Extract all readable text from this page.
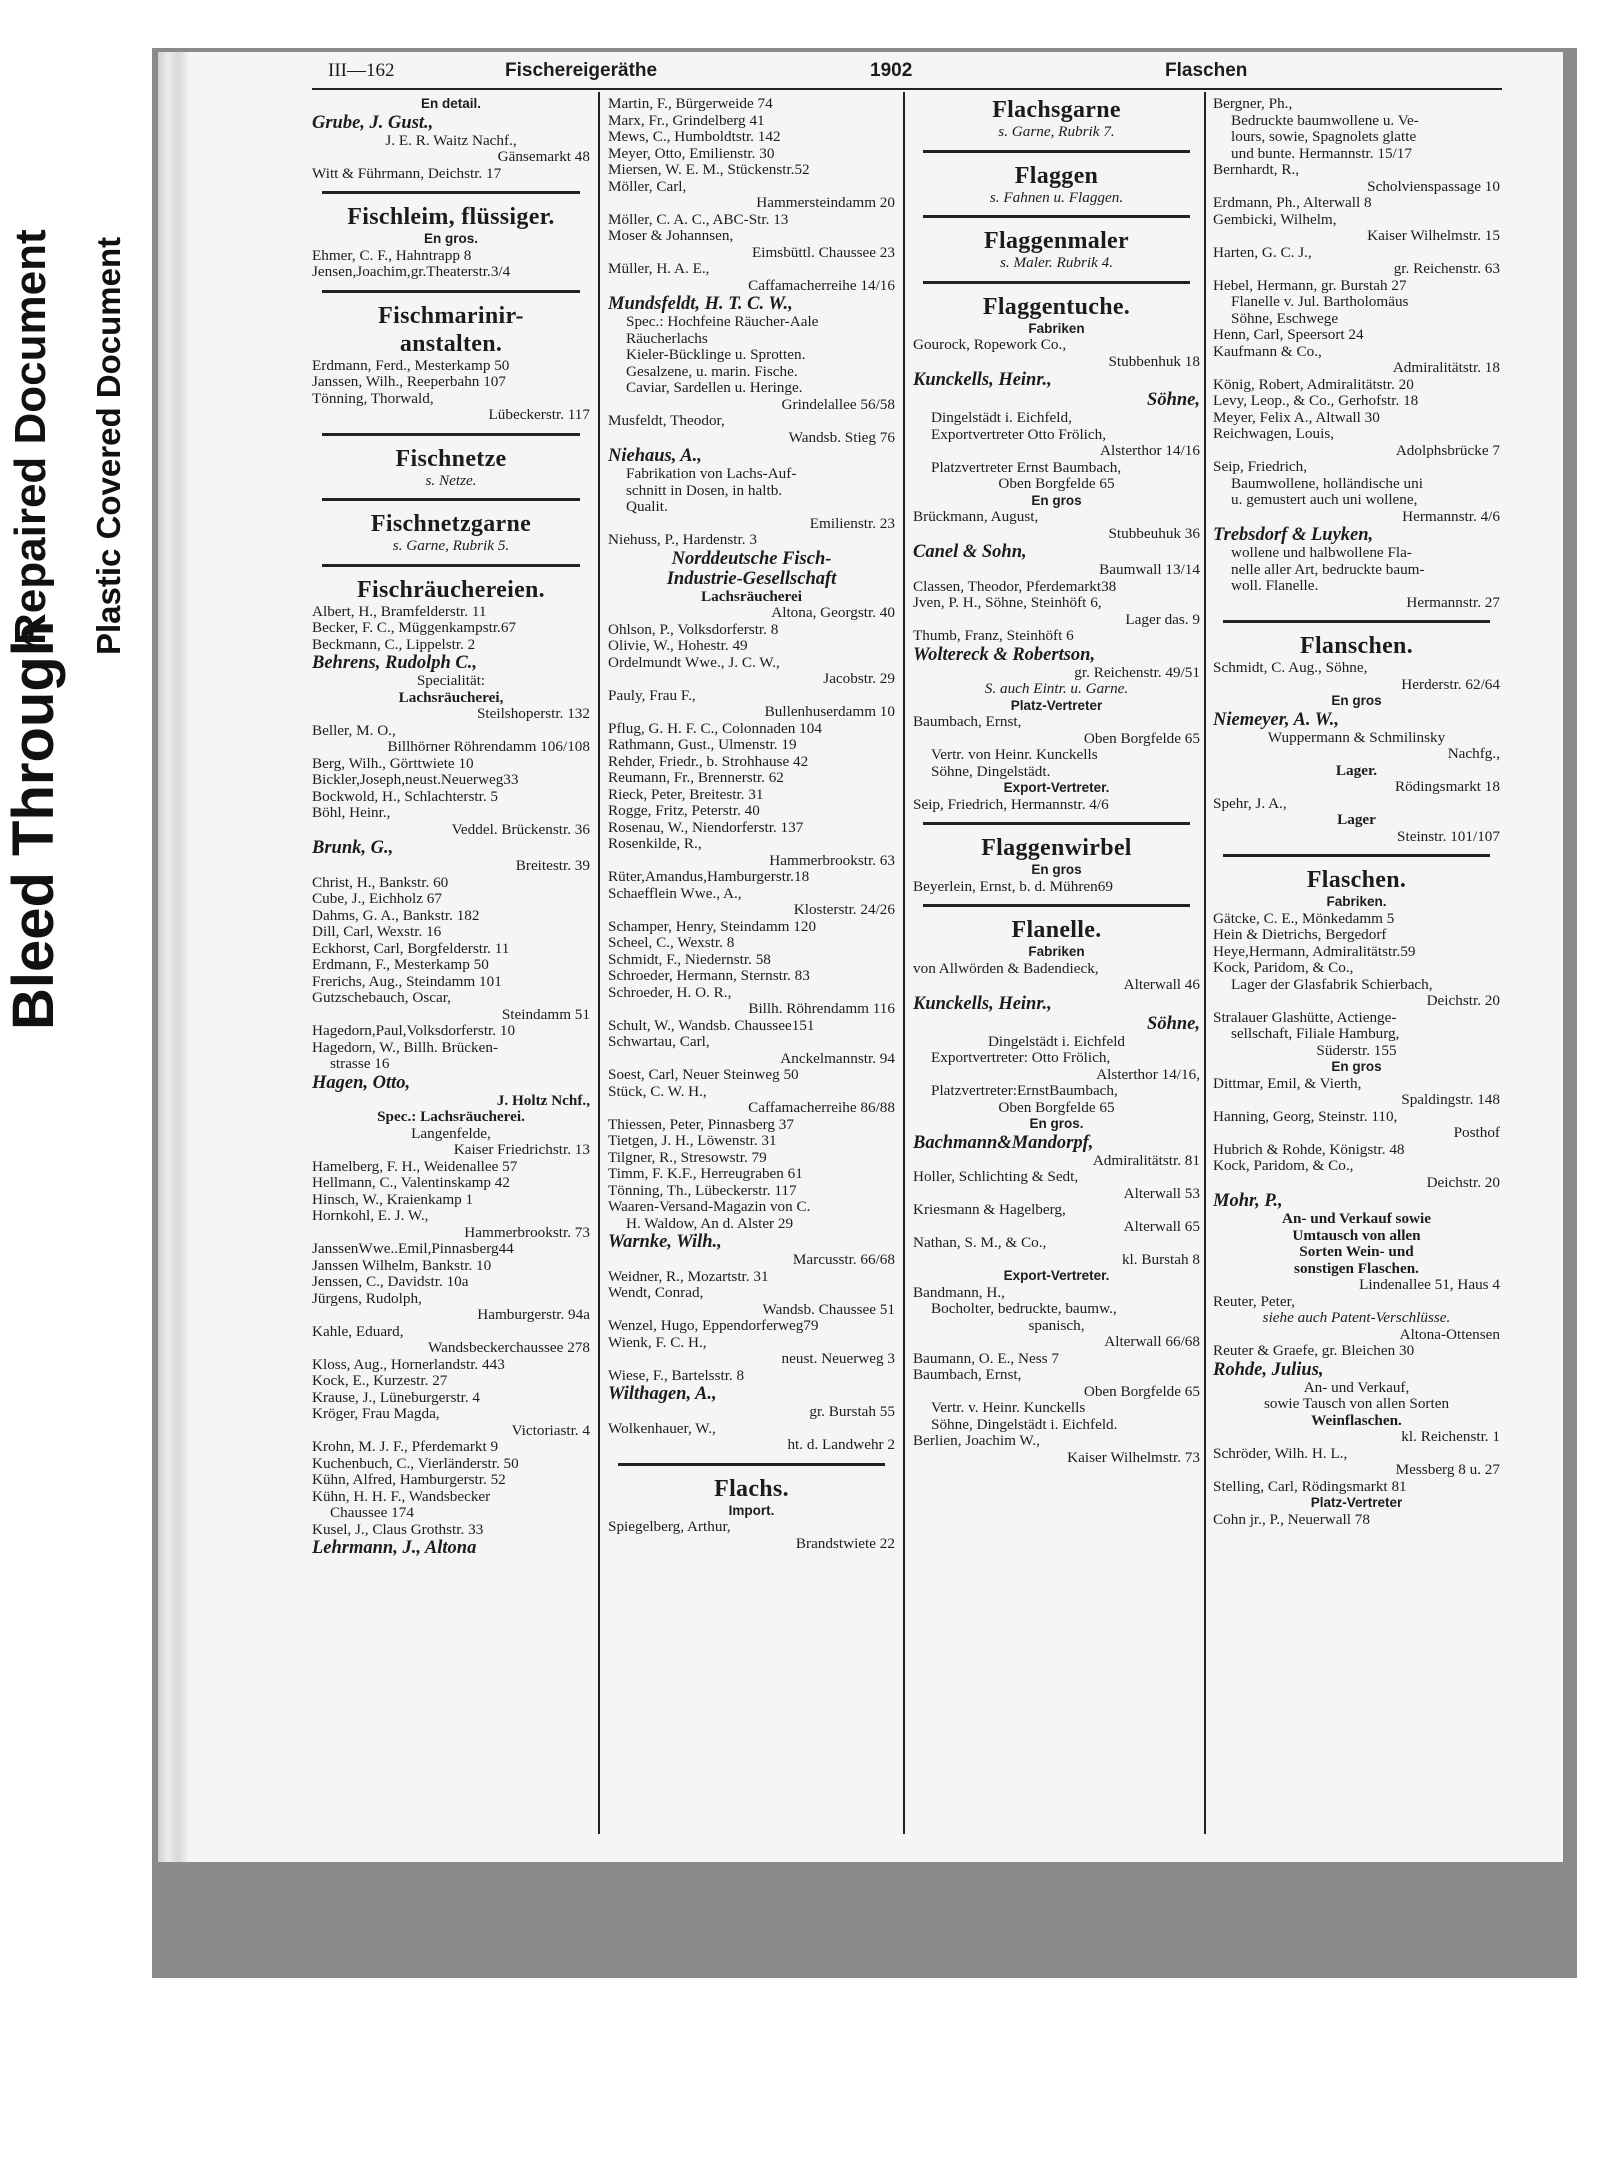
Bleed Through
Repaired Document Plastic Covered Document
III—162	Fischereigeräthe	1902	Flaschen
En detail.
Grube, J. Gust.,
J. E. R. Waitz Nachf.,
Gänsemarkt 48
Witt & Führmann, Deichstr. 17
Fischleim, flüssiger.
En gros.
Ehmer, C. F., Hahntrapp 8
Jensen,Joachim,gr.Theaterstr.3/4
Fischmarinir-
anstalten.
Erdmann, Ferd., Mesterkamp 50
Janssen, Wilh., Reeperbahn 107
Tönning, Thorwald,
Lübeckerstr. 117
Fischnetze
s. Netze.
Fischnetzgarne
s. Garne, Rubrik 5.
Fischräuchereien.
Albert, H., Bramfelderstr. 11
Becker, F. C., Müggenkampstr.67
Beckmann, C., Lippelstr. 2
Behrens, Rudolph C.,
Specialität:
Lachsräucherei,
Steilshoperstr. 132
Beller, M. O.,
Billhörner Röhrendamm 106/108
Berg, Wilh., Görttwiete 10
Bickler,Joseph,neust.Neuerweg33
Bockwold, H., Schlachterstr. 5
Böhl, Heinr.,
Veddel. Brückenstr. 36
Brunk, G.,
Breitestr. 39
Christ, H., Bankstr. 60
Cube, J., Eichholz 67
Dahms, G. A., Bankstr. 182
Dill, Carl, Wexstr. 16
Eckhorst, Carl, Borgfelderstr. 11
Erdmann, F., Mesterkamp 50
Frerichs, Aug., Steindamm 101
Gutzschebauch, Oscar,
Steindamm 51
Hagedorn,Paul,Volksdorferstr. 10
Hagedorn, W., Billh. Brücken-
strasse 16
Hagen, Otto,
J. Holtz Nchf.,
Spec.: Lachsräucherei.
Langenfelde,
Kaiser Friedrichstr. 13
Hamelberg, F. H., Weidenallee 57
Hellmann, C., Valentinskamp 42
Hinsch, W., Kraienkamp 1
Hornkohl, E. J. W.,
Hammerbrookstr. 73
JanssenWwe..Emil,Pinnasberg44
Janssen Wilhelm, Bankstr. 10
Jenssen, C., Davidstr. 10a
Jürgens, Rudolph,
Hamburgerstr. 94a
Kahle, Eduard,
Wandsbeckerchaussee 278
Kloss, Aug., Hornerlandstr. 443
Kock, E., Kurzestr. 27
Krause, J., Lüneburgerstr. 4
Kröger, Frau Magda,
Victoriastr. 4
Krohn, M. J. F., Pferdemarkt 9
Kuchenbuch, C., Vierländerstr. 50
Kühn, Alfred, Hamburgerstr. 52
Kühn, H. H. F., Wandsbecker
Chaussee 174
Kusel, J., Claus Grothstr. 33
Lehrmann, J., Altona
Martin, F., Bürgerweide 74
Marx, Fr., Grindelberg 41
Mews, C., Humboldtstr. 142
Meyer, Otto, Emilienstr. 30
Miersen, W. E. M., Stückenstr.52
Möller, Carl,
Hammersteindamm 20
Möller, C. A. C., ABC-Str. 13
Moser & Johannsen,
Eimsbüttl. Chaussee 23
Müller, H. A. E.,
Caffamacherreihe 14/16
Mundsfeldt, H. T. C. W.,
Spec.: Hochfeine Räucher-Aale
Räucherlachs
Kieler-Bücklinge u. Sprotten.
Gesalzene, u. marin. Fische.
Caviar, Sardellen u. Heringe.
Grindelallee 56/58
Musfeldt, Theodor,
Wandsb. Stieg 76
Niehaus, A.,
Fabrikation von Lachs-Auf-
schnitt in Dosen, in haltb.
Qualit.
Emilienstr. 23
Niehuss, P., Hardenstr. 3
Norddeutsche Fisch-
Industrie-Gesellschaft
Lachsräucherei
Altona, Georgstr. 40
Ohlson, P., Volksdorferstr. 8
Olivie, W., Hohestr. 49
Ordelmundt Wwe., J. C. W.,
Jacobstr. 29
Pauly, Frau F.,
Bullenhuserdamm 10
Pflug, G. H. F. C., Colonnaden 104
Rathmann, Gust., Ulmenstr. 19
Rehder, Friedr., b. Strohhause 42
Reumann, Fr., Brennerstr. 62
Rieck, Peter, Breitestr. 31
Rogge, Fritz, Peterstr. 40
Rosenau, W., Niendorferstr. 137
Rosenkilde, R.,
Hammerbrookstr. 63
Rüter,Amandus,Hamburgerstr.18
Schaefflein Wwe., A.,
Klosterstr. 24/26
Schamper, Henry, Steindamm 120
Scheel, C., Wexstr. 8
Schmidt, F., Niedernstr. 58
Schroeder, Hermann, Sternstr. 83
Schroeder, H. O. R.,
Billh. Röhrendamm 116
Schult, W., Wandsb. Chaussee151
Schwartau, Carl,
Anckelmannstr. 94
Soest, Carl, Neuer Steinweg 50
Stück, C. W. H.,
Caffamacherreihe 86/88
Thiessen, Peter, Pinnasberg 37
Tietgen, J. H., Löwenstr. 31
Tilgner, R., Stresowstr. 79
Timm, F. K.F., Herreugraben 61
Tönning, Th., Lübeckerstr. 117
Waaren-Versand-Magazin von C.
H. Waldow, An d. Alster 29
Warnke, Wilh.,
Marcusstr. 66/68
Weidner, R., Mozartstr. 31
Wendt, Conrad,
Wandsb. Chaussee 51
Wenzel, Hugo, Eppendorferweg79
Wienk, F. C. H.,
neust. Neuerweg 3
Wiese, F., Bartelsstr. 8
Wilthagen, A.,
gr. Burstah 55
Wolkenhauer, W.,
ht. d. Landwehr 2
Flachs.
Import.
Spiegelberg, Arthur,
Brandstwiete 22
Flachsgarne
s. Garne, Rubrik 7.
Flaggen
s. Fahnen u. Flaggen.
Flaggenmaler
s. Maler. Rubrik 4.
Flaggentuche.
Fabriken
Gourock, Ropework Co.,
Stubbenhuk 18
Kunckells, Heinr.,
Söhne,
Dingelstädt i. Eichfeld,
Exportvertreter Otto Frölich,
Alsterthor 14/16
Platzvertreter Ernst Baumbach,
Oben Borgfelde 65
En gros
Brückmann, August,
Stubbeuhuk 36
Canel & Sohn,
Baumwall 13/14
Classen, Theodor, Pferdemarkt38
Jven, P. H., Söhne, Steinhöft 6,
Lager das. 9
Thumb, Franz, Steinhöft 6
Woltereck & Robertson,
gr. Reichenstr. 49/51
S. auch Eintr. u. Garne.
Platz-Vertreter
Baumbach, Ernst,
Oben Borgfelde 65
Vertr. von Heinr. Kunckells
Söhne, Dingelstädt.
Export-Vertreter.
Seip, Friedrich, Hermannstr. 4/6
Flaggenwirbel
En gros
Beyerlein, Ernst, b. d. Mühren69
Flanelle.
Fabriken
von Allwörden & Badendieck,
Alterwall 46
Kunckells, Heinr.,
Söhne,
Dingelstädt i. Eichfeld
Exportvertreter: Otto Frölich,
Alsterthor 14/16,
Platzvertreter:ErnstBaumbach,
Oben Borgfelde 65
En gros.
Bachmann&Mandorpf,
Admiralitätstr. 81
Holler, Schlichting & Sedt,
Alterwall 53
Kriesmann & Hagelberg,
Alterwall 65
Nathan, S. M., & Co.,
kl. Burstah 8
Export-Vertreter.
Bandmann, H.,
Bocholter, bedruckte, baumw.,
spanisch,
Alterwall 66/68
Baumann, O. E., Ness 7
Baumbach, Ernst,
Oben Borgfelde 65
Vertr. v. Heinr. Kunckells
Söhne, Dingelstädt i. Eichfeld.
Berlien, Joachim W.,
Kaiser Wilhelmstr. 73
Bergner, Ph.,
Bedruckte baumwollene u. Ve-
lours, sowie, Spagnolets glatte
und bunte. Hermannstr. 15/17
Bernhardt, R.,
Scholvienspassage 10
Erdmann, Ph., Alterwall 8
Gembicki, Wilhelm,
Kaiser Wilhelmstr. 15
Harten, G. C. J.,
gr. Reichenstr. 63
Hebel, Hermann, gr. Burstah 27
Flanelle v. Jul. Bartholomäus
Söhne, Eschwege
Henn, Carl, Speersort 24
Kaufmann & Co.,
Admiralitätstr. 18
König, Robert, Admiralitätstr. 20
Levy, Leop., & Co., Gerhofstr. 18
Meyer, Felix A., Altwall 30
Reichwagen, Louis,
Adolphsbrücke 7
Seip, Friedrich,
Baumwollene, holländische uni
u. gemustert auch uni wollene,
Hermannstr. 4/6
Trebsdorf & Luyken,
wollene und halbwollene Fla-
nelle aller Art, bedruckte baum-
woll. Flanelle.
Hermannstr. 27
Flanschen.
Schmidt, C. Aug., Söhne,
Herderstr. 62/64
En gros
Niemeyer, A. W.,
Wuppermann & Schmilinsky
Nachfg.,
Lager.
Rödingsmarkt 18
Spehr, J. A.,
Lager
Steinstr. 101/107
Flaschen.
Fabriken.
Gätcke, C. E., Mönkedamm 5
Hein & Dietrichs, Bergedorf
Heye,Hermann, Admiralitätstr.59
Kock, Paridom, & Co.,
Lager der Glasfabrik Schierbach,
Deichstr. 20
Stralauer Glashütte, Actienge-
sellschaft, Filiale Hamburg,
Süderstr. 155
En gros
Dittmar, Emil, & Vierth,
Spaldingstr. 148
Hanning, Georg, Steinstr. 110,
Posthof
Hubrich & Rohde, Königstr. 48
Kock, Paridom, & Co.,
Deichstr. 20
Mohr, P.,
An- und Verkauf sowie
Umtausch von allen
Sorten Wein- und
sonstigen Flaschen.
Lindenallee 51, Haus 4
Reuter, Peter,
siehe auch Patent-Verschlüsse.
Altona-Ottensen
Reuter & Graefe, gr. Bleichen 30
Rohde, Julius,
An- und Verkauf,
sowie Tausch von allen Sorten
Weinflaschen.
kl. Reichenstr. 1
Schröder, Wilh. H. L.,
Messberg 8 u. 27
Stelling, Carl, Rödingsmarkt 81
Platz-Vertreter
Cohn jr., P., Neuerwall 78
